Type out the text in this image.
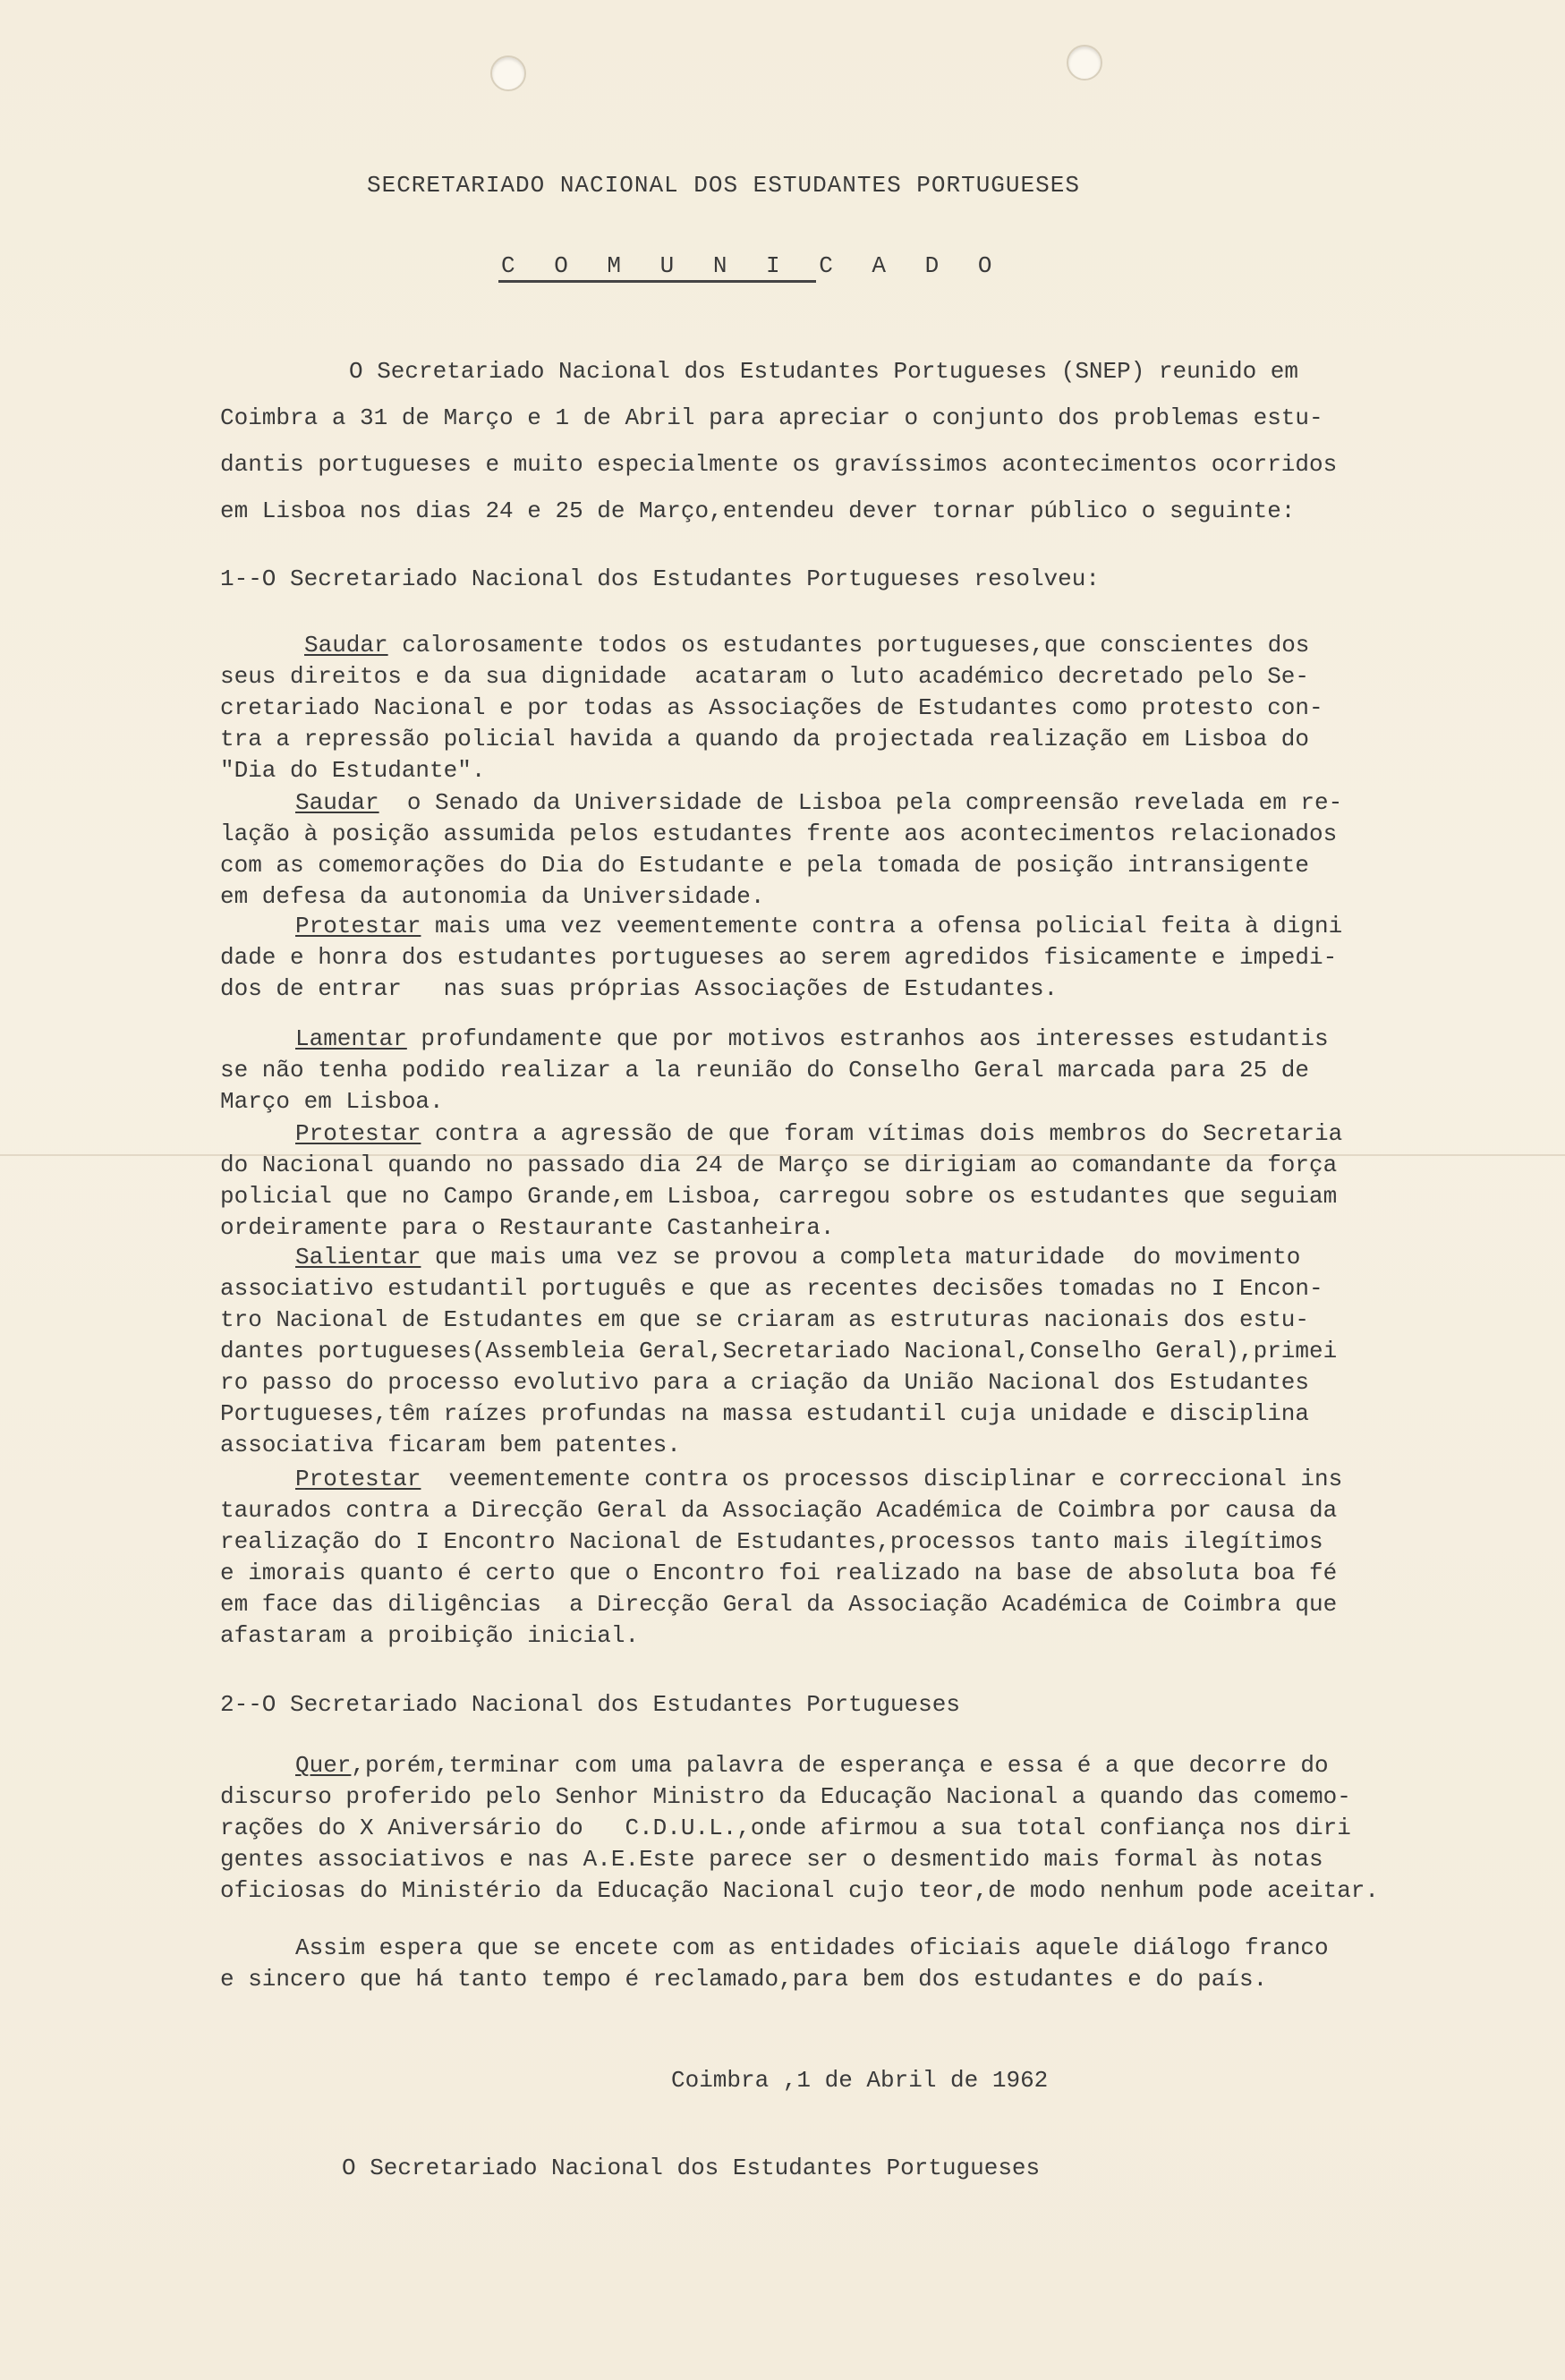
SECRETARIADO NACIONAL DOS ESTUDANTES PORTUGUESES
C O M U N I C A D O
O Secretariado Nacional dos Estudantes Portugueses (SNEP) reunido em
Coimbra a 31 de Março e 1 de Abril para apreciar o conjunto dos problemas estu-
dantis portugueses e muito especialmente os gravíssimos acontecimentos ocorridos
em Lisboa nos dias 24 e 25 de Março,entendeu dever tornar público o seguinte:
1--O Secretariado Nacional dos Estudantes Portugueses resolveu:
Saudar calorosamente todos os estudantes portugueses,que conscientes dos
seus direitos e da sua dignidade  acataram o luto académico decretado pelo Se-
cretariado Nacional e por todas as Associações de Estudantes como protesto con-
tra a repressão policial havida a quando da projectada realização em Lisboa do
"Dia do Estudante".
Saudar  o Senado da Universidade de Lisboa pela compreensão revelada em re-
lação à posição assumida pelos estudantes frente aos acontecimentos relacionados
com as comemorações do Dia do Estudante e pela tomada de posição intransigente
em defesa da autonomia da Universidade.
Protestar mais uma vez veementemente contra a ofensa policial feita à digni
dade e honra dos estudantes portugueses ao serem agredidos fisicamente e impedi-
dos de entrar   nas suas próprias Associações de Estudantes.
Lamentar profundamente que por motivos estranhos aos interesses estudantis
se não tenha podido realizar a la reunião do Conselho Geral marcada para 25 de
Março em Lisboa.
Protestar contra a agressão de que foram vítimas dois membros do Secretaria
do Nacional quando no passado dia 24 de Março se dirigiam ao comandante da força
policial que no Campo Grande,em Lisboa, carregou sobre os estudantes que seguiam
ordeiramente para o Restaurante Castanheira.
Salientar que mais uma vez se provou a completa maturidade  do movimento
associativo estudantil português e que as recentes decisões tomadas no I Encon-
tro Nacional de Estudantes em que se criaram as estruturas nacionais dos estu-
dantes portugueses(Assembleia Geral,Secretariado Nacional,Conselho Geral),primei
ro passo do processo evolutivo para a criação da União Nacional dos Estudantes
Portugueses,têm raízes profundas na massa estudantil cuja unidade e disciplina
associativa ficaram bem patentes.
Protestar  veementemente contra os processos disciplinar e correccional ins
taurados contra a Direcção Geral da Associação Académica de Coimbra por causa da
realização do I Encontro Nacional de Estudantes,processos tanto mais ilegítimos
e imorais quanto é certo que o Encontro foi realizado na base de absoluta boa fé
em face das diligências  a Direcção Geral da Associação Académica de Coimbra que
afastaram a proibição inicial.
2--O Secretariado Nacional dos Estudantes Portugueses
Quer,porém,terminar com uma palavra de esperança e essa é a que decorre do
discurso proferido pelo Senhor Ministro da Educação Nacional a quando das comemo-
rações do X Aniversário do   C.D.U.L.,onde afirmou a sua total confiança nos diri
gentes associativos e nas A.E.Este parece ser o desmentido mais formal às notas
oficiosas do Ministério da Educação Nacional cujo teor,de modo nenhum pode aceitar.
Assim espera que se encete com as entidades oficiais aquele diálogo franco
e sincero que há tanto tempo é reclamado,para bem dos estudantes e do país.
Coimbra ,1 de Abril de 1962
O Secretariado Nacional dos Estudantes Portugueses
